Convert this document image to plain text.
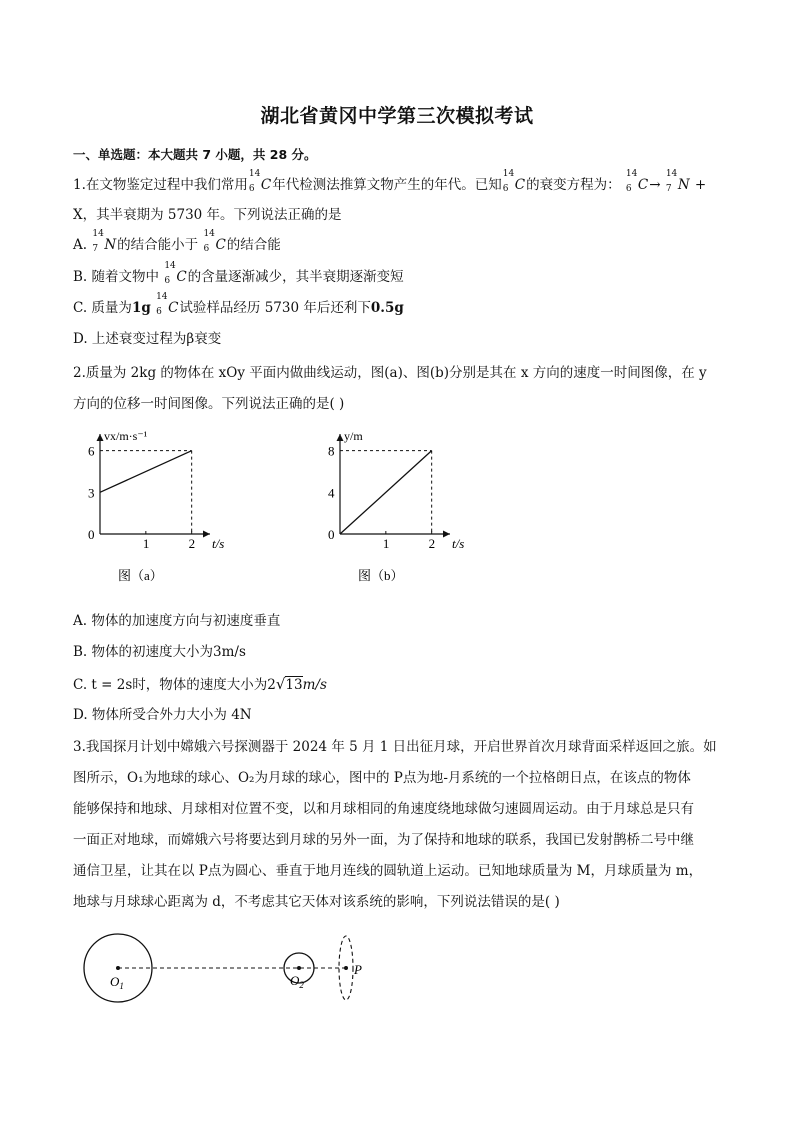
湖北省黄冈中学第三次模拟考试
一、单选题：本大题共 7 小题，共 28 分。
1.在文物鉴定过程中我们常用
14
6 C年代检测法推算文物产生的年代。已知
14
6 C的衰变方程为：
14
6 C→
14
7 N +
X，其半衰期为 5730 年。下列说法正确的是
A.
14
7 N的结合能小于
14
6 C的结合能
B. 随着文物中
14
6 C的含量逐渐减少，其半衰期逐渐变短
C. 质量为1g
14
6 C试验样品经历 5730 年后还利下0.5g
D. 上述衰变过程为β衰变
2.质量为 2kg 的物体在 xOy 平面内做曲线运动，图(a)、图(b)分别是其在 x 方向的速度一时间图像，在 y
方向的位移一时间图像。下列说法正确的是( )
1	2
0
3
6
vx/m·s⁻¹
t/s
图（a）
1	2
0
4
8
y/m
t/s
图（b）
A. 物体的加速度方向与初速度垂直
B. 物体的初速度大小为3m/s
C. t = 2s时，物体的速度大小为2√13m/s
D. 物体所受合外力大小为 4N
3.我国探月计划中嫦娥六号探测器于 2024 年 5 月 1 日出征月球，开启世界首次月球背面采样返回之旅。如
图所示，O₁为地球的球心、O₂为月球的球心，图中的 P点为地-月系统的一个拉格朗日点，在该点的物体
能够保持和地球、月球相对位置不变，以和月球相同的角速度绕地球做匀速圆周运动。由于月球总是只有
一面正对地球，而嫦娥六号将要达到月球的另外一面，为了保持和地球的联系，我国已发射鹊桥二号中继
通信卫星，让其在以 P点为圆心、垂直于地月连线的圆轨道上运动。已知地球质量为 M，月球质量为 m，
地球与月球球心距离为 d，不考虑其它天体对该系统的影响，下列说法错误的是( )
$O_1$	$O_2$
P
